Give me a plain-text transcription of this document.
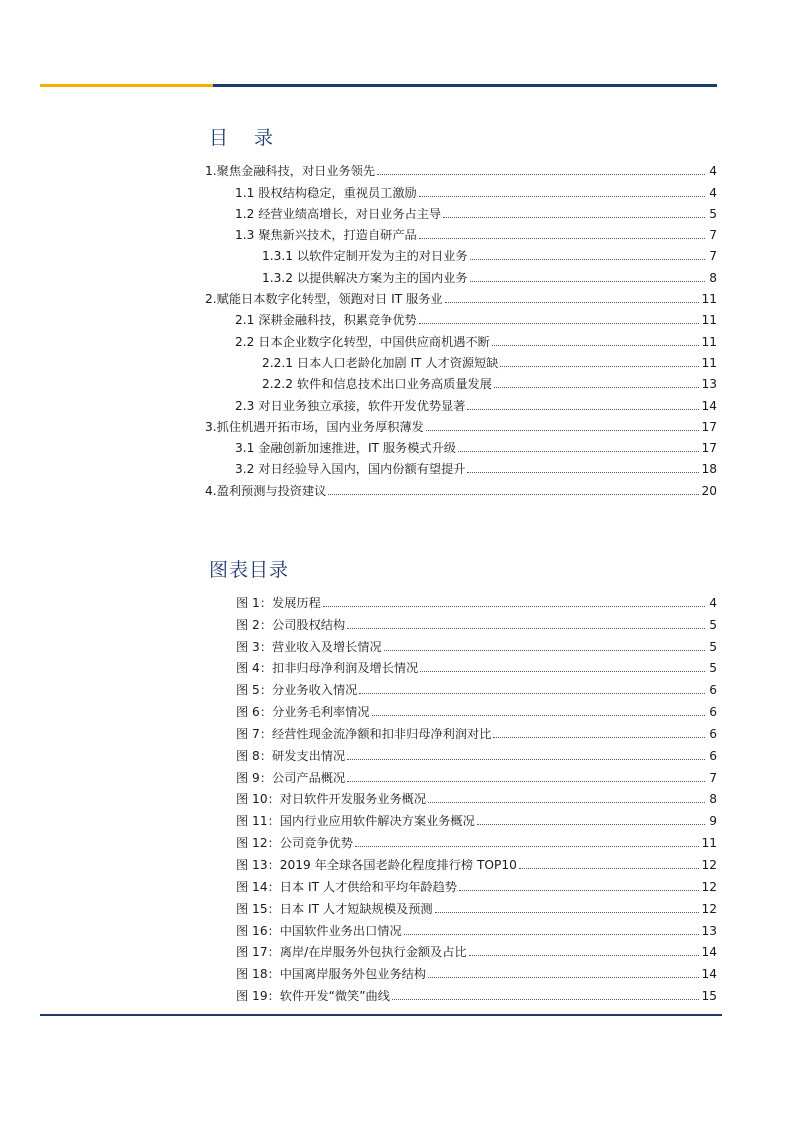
目 录
1.聚焦金融科技，对日业务领先	4
1.1 股权结构稳定，重视员工激励	4
1.2 经营业绩高增长，对日业务占主导	5
1.3 聚焦新兴技术，打造自研产品	7
1.3.1 以软件定制开发为主的对日业务	7
1.3.2 以提供解决方案为主的国内业务	8
2.赋能日本数字化转型，领跑对日 IT 服务业	11
2.1 深耕金融科技，积累竞争优势	11
2.2 日本企业数字化转型，中国供应商机遇不断	11
2.2.1 日本人口老龄化加剧 IT 人才资源短缺	11
2.2.2 软件和信息技术出口业务高质量发展	13
2.3 对日业务独立承接，软件开发优势显著	14
3.抓住机遇开拓市场，国内业务厚积薄发	17
3.1 金融创新加速推进，IT 服务模式升级	17
3.2 对日经验导入国内，国内份额有望提升	18
4.盈利预测与投资建议	20
图表目录
图 1：发展历程	4
图 2：公司股权结构	5
图 3：营业收入及增长情况	5
图 4：扣非归母净利润及增长情况	5
图 5：分业务收入情况	6
图 6：分业务毛利率情况	6
图 7：经营性现金流净额和扣非归母净利润对比	6
图 8：研发支出情况	6
图 9：公司产品概况	7
图 10：对日软件开发服务业务概况	8
图 11：国内行业应用软件解决方案业务概况	9
图 12：公司竞争优势	11
图 13：2019 年全球各国老龄化程度排行榜 TOP10	12
图 14：日本 IT 人才供给和平均年龄趋势	12
图 15：日本 IT 人才短缺规模及预测	12
图 16：中国软件业务出口情况	13
图 17：离岸/在岸服务外包执行金额及占比	14
图 18：中国离岸服务外包业务结构	14
图 19：软件开发“微笑”曲线	15
